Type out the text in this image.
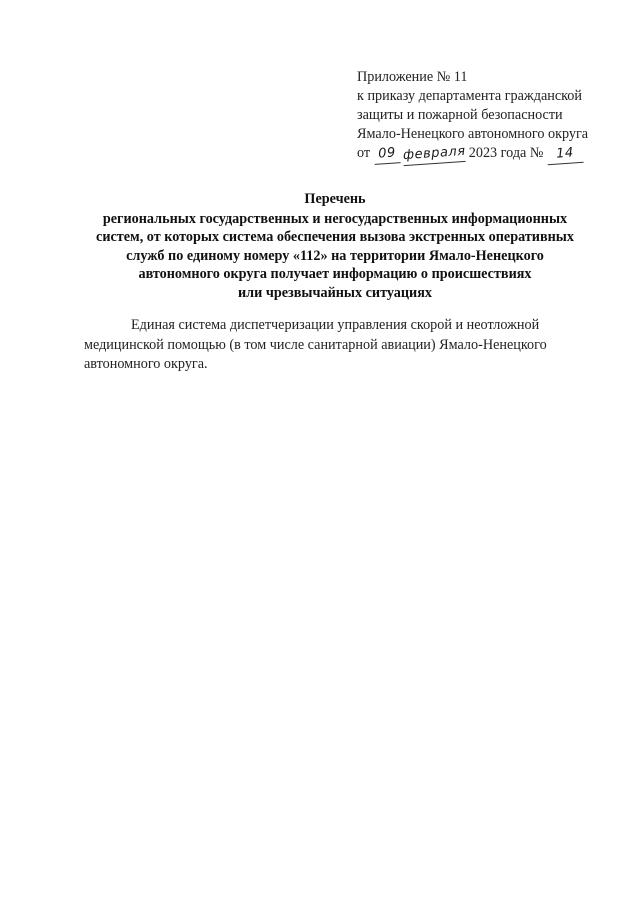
Приложение № 11
к приказу департамента гражданской
защиты и пожарной безопасности
Ямало-Ненецкого автономного округа
от 09 февраля 2023 года № 14
Перечень
региональных государственных и негосударственных информационных
систем, от которых система обеспечения вызова экстренных оперативных
служб по единому номеру «112» на территории Ямало-Ненецкого
автономного округа получает информацию о происшествиях
или чрезвычайных ситуациях
Единая система диспетчеризации управления скорой и неотложной
медицинской помощью (в том числе санитарной авиации) Ямало-Ненецкого
автономного округа.
